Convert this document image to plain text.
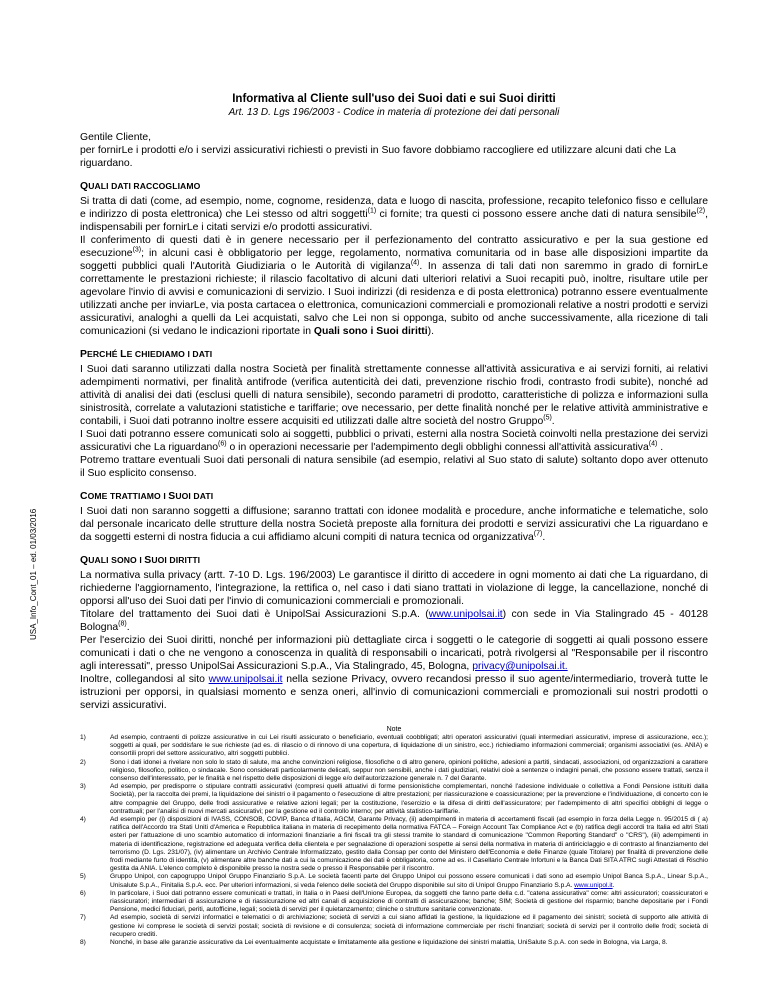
USA_Info_Cont_01 – ed. 01/03/2016
Informativa al Cliente sull'uso dei Suoi dati e sui Suoi diritti
Art. 13 D. Lgs 196/2003 - Codice in materia di protezione dei dati personali
Gentile Cliente,
per fornirLe i prodotti e/o i servizi assicurativi richiesti o previsti in Suo favore dobbiamo raccogliere ed utilizzare alcuni dati che La riguardano.
QUALI DATI RACCOGLIAMO

Si tratta di dati (come, ad esempio, nome, cognome, residenza, data e luogo di nascita, professione, recapito telefonico fisso e cellulare e indirizzo di posta elettronica) che Lei stesso od altri soggetti$^{(1)}$ ci fornite; tra questi ci possono essere anche dati di natura sensibile$^{(2)}$, indispensabili per fornirLe i citati servizi e/o prodotti assicurativi.

Il conferimento di questi dati è in genere necessario per il perfezionamento del contratto assicurativo e per la sua gestione ed esecuzione$^{(3)}$; in alcuni casi è obbligatorio per legge, regolamento, normativa comunitaria od in base alle disposizioni impartite da soggetti pubblici quali l'Autorità Giudiziaria o le Autorità di vigilanza$^{(4)}$. In assenza di tali dati non saremmo in grado di fornirLe correttamente le prestazioni richieste; il rilascio facoltativo di alcuni dati ulteriori relativi a Suoi recapiti può, inoltre, risultare utile per agevolare l'invio di avvisi e comunicazioni di servizio. I Suoi indirizzi (di residenza e di posta elettronica) potranno essere eventualmente utilizzati anche per inviarLe, via posta cartacea o elettronica, comunicazioni commerciali e promozionali relative a nostri prodotti e servizi assicurativi, analoghi a quelli da Lei acquistati, salvo che Lei non si opponga, subito od anche successivamente, alla ricezione di tali comunicazioni (si vedano le indicazioni riportate in Quali sono i Suoi diritti).

PERCHÉ LE CHIEDIAMO I DATI

I Suoi dati saranno utilizzati dalla nostra Società per finalità strettamente connesse all'attività assicurativa e ai servizi forniti, ai relativi adempimenti normativi, per finalità antifrode (verifica autenticità dei dati, prevenzione rischio frodi, contrasto frodi subite), nonché ad attività di analisi dei dati (esclusi quelli di natura sensibile), secondo parametri di prodotto, caratteristiche di polizza e informazioni sulla sinistrosità, correlate a valutazioni statistiche e tariffarie; ove necessario, per dette finalità nonché per le relative attività amministrative e contabili, i Suoi dati potranno inoltre essere acquisiti ed utilizzati dalle altre società del nostro Gruppo$^{(5)}$.

I Suoi dati potranno essere comunicati solo ai soggetti, pubblici o privati, esterni alla nostra Società coinvolti nella prestazione dei servizi assicurativi che La riguardano$^{(6)}$ o in operazioni necessarie per l'adempimento degli obblighi connessi all'attività assicurativa$^{(4)}$ .

Potremo trattare eventuali Suoi dati personali di natura sensibile (ad esempio, relativi al Suo stato di salute) soltanto dopo aver ottenuto il Suo esplicito consenso.

COME TRATTIAMO I SUOI DATI

I Suoi dati non saranno soggetti a diffusione; saranno trattati con idonee modalità e procedure, anche informatiche e telematiche, solo dal personale incaricato delle strutture della nostra Società preposte alla fornitura dei prodotti e servizi assicurativi che La riguardano e da soggetti esterni di nostra fiducia a cui affidiamo alcuni compiti di natura tecnica od organizzativa$^{(7)}$.

QUALI SONO I SUOI DIRITTI

La normativa sulla privacy (artt. 7-10 D. Lgs. 196/2003) Le garantisce il diritto di accedere in ogni momento ai dati che La riguardano, di richiederne l'aggiornamento, l'integrazione, la rettifica o, nel caso i dati siano trattati in violazione di legge, la cancellazione, nonché di opporsi all'uso dei Suoi dati per l'invio di comunicazioni commerciali e promozionali.

Titolare del trattamento dei Suoi dati è UnipolSai Assicurazioni S.p.A. (www.unipolsai.it) con sede in Via Stalingrado 45 - 40128 Bologna$^{(8)}$.

Per l'esercizio dei Suoi diritti, nonché per informazioni più dettagliate circa i soggetti o le categorie di soggetti ai quali possono essere comunicati i dati o che ne vengono a conoscenza in qualità di responsabili o incaricati, potrà rivolgersi al "Responsabile per il riscontro agli interessati", presso UnipolSai Assicurazioni S.p.A., Via Stalingrado, 45, Bologna, privacy@unipolsai.it.

Inoltre, collegandosi al sito www.unipolsai.it nella sezione Privacy, ovvero recandosi presso il suo agente/intermediario, troverà tutte le istruzioni per opporsi, in qualsiasi momento e senza oneri, all'invio di comunicazioni commerciali e promozionali sui nostri prodotti o servizi assicurativi.

Note
1)	Ad esempio, contraenti di polizze assicurative in cui Lei risulti assicurato o beneficiario, eventuali coobbligati; altri operatori assicurativi (quali intermediari assicurativi, imprese di assicurazione, ecc.); soggetti ai quali, per soddisfare le sue richieste (ad es. di rilascio o di rinnovo di una copertura, di liquidazione di un sinistro, ecc.) richiediamo informazioni commerciali; organismi associativi (es. ANIA) e consortili propri del settore assicurativo, altri soggetti pubblici.
2)	Sono i dati idonei a rivelare non solo lo stato di salute, ma anche convinzioni religiose, filosofiche o di altro genere, opinioni politiche, adesioni a partiti, sindacati, associazioni, od organizzazioni a carattere religioso, filosofico, politico, o sindacale. Sono considerati particolarmente delicati, seppur non sensibili, anche i dati giudiziari, relativi cioè a sentenze o indagini penali, che possono essere trattati, senza il consenso dell'interessato, per le finalità e nel rispetto delle disposizioni di legge e/o dell'autorizzazione generale n. 7 del Garante.
3)	Ad esempio, per predisporre o stipulare contratti assicurativi (compresi quelli attuativi di forme pensionistiche complementari, nonché l'adesione individuale o collettiva a Fondi Pensione istituiti dalla Società), per la raccolta dei premi, la liquidazione dei sinistri o il pagamento o l'esecuzione di altre prestazioni; per riassicurazione e coassicurazione; per la prevenzione e l'individuazione, di concerto con le altre compagnie del Gruppo, delle frodi assicurative e relative azioni legali; per la costituzione, l'esercizio e la difesa di diritti dell'assicuratore; per l'adempimento di altri specifici obblighi di legge o contrattuali; per l'analisi di nuovi mercati assicurativi; per la gestione ed il controllo interno; per attività statistico-tariffarie.
4)	Ad esempio per (i) disposizioni di IVASS, CONSOB, COVIP, Banca d'Italia, AGCM, Garante Privacy, (ii) adempimenti in materia di accertamenti fiscali (ad esempio in forza della Legge n. 95/2015 di ( a) ratifica dell'Accordo tra Stati Uniti d'America e Repubblica italiana in materia di recepimento della normativa FATCA – Foreign Account Tax Compliance Act e (b) ratifica degli accordi tra Italia ed altri Stati esteri per l'attuazione di uno scambio automatico di informazioni finanziarie a fini fiscali tra gli stessi tramite lo standard di comunicazione "Common Reporting Standard" o "CRS"), (iii) adempimenti in materia di identificazione, registrazione ed adeguata verifica della clientela e per segnalazione di operazioni sospette ai sensi della normativa in materia di antiriciclaggio e di contrasto al finanziamento del terrorismo (D. Lgs. 231/07), (iv) alimentare un Archivio Centrale Informatizzato, gestito dalla Consap per conto del Ministero dell'Economia e delle Finanze (quale Titolare) per finalità di prevenzione delle frodi mediante furto di identità, (v) alimentare altre banche dati a cui la comunicazione dei dati è obbligatoria, come ad es. il Casellario Centrale Infortuni e la Banca Dati SITA ATRC sugli Attestati di Rischio gestita da ANIA. L'elenco completo è disponibile presso la nostra sede o presso il Responsabile per il riscontro.
5)	Gruppo Unipol, con capogruppo Unipol Gruppo Finanziario S.p.A. Le società facenti parte del Gruppo Unipol cui possono essere comunicati i dati sono ad esempio Unipol Banca S.p.A., Linear S.p.A., Unisalute S.p.A., Finitalia S.p.A. ecc. Per ulteriori informazioni, si veda l'elenco delle società del Gruppo disponibile sul sito di Unipol Gruppo Finanziario S.p.A. www.unipol.it.
6)	In particolare, i Suoi dati potranno essere comunicati e trattati, in Italia o in Paesi dell'Unione Europea, da soggetti che fanno parte della c.d. "catena assicurativa" come: altri assicuratori; coassicuratori e riassicuratori; intermediari di assicurazione e di riassicurazione ed altri canali di acquisizione di contratti di assicurazione; banche; SIM; Società di gestione del risparmio; banche depositarie per i Fondi Pensione, medici fiduciari, periti, autofficine, legali; società di servizi per il quietanzamento; cliniche o strutture sanitarie convenzionate.
7)	Ad esempio, società di servizi informatici e telematici o di archiviazione; società di servizi a cui siano affidati la gestione, la liquidazione ed il pagamento dei sinistri; società di supporto alle attività di gestione ivi comprese le società di servizi postali; società di revisione e di consulenza; società di informazione commerciale per rischi finanziari; società di servizi per il controllo delle frodi; società di recupero crediti.
8)	Nonché, in base alle garanzie assicurative da Lei eventualmente acquistate e limitatamente alla gestione e liquidazione dei sinistri malattia, UniSalute S.p.A. con sede in Bologna, via Larga, 8.
